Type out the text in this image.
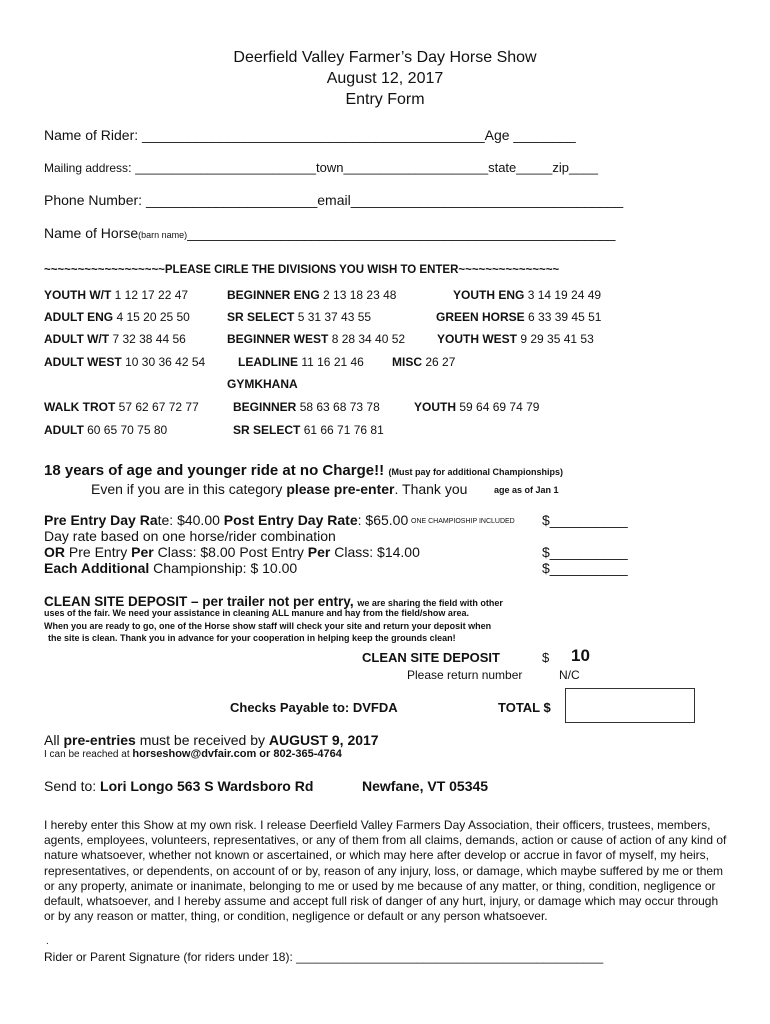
Deerfield Valley Farmer’s Day Horse Show
August 12, 2017
Entry Form
Name of Rider: ____________________________________________Age ________
Mailing address: _________________________town____________________state_____zip____
Phone Number: ______________________email___________________________________
Name of Horse(barn name)_______________________________________________________
~~~~~~~~~~~~~~~~~~PLEASE CIRLE THE DIVISIONS YOU WISH TO ENTER~~~~~~~~~~~~~~~
YOUTH W/T 1 12 17 22 47	BEGINNER ENG 2 13 18 23 48	YOUTH ENG 3 14 19 24 49
ADULT ENG 4 15 20 25 50	SR SELECT 5 31 37 43 55	GREEN HORSE 6 33 39 45 51
ADULT W/T 7 32 38 44 56	BEGINNER WEST 8 28 34 40 52	YOUTH WEST 9 29 35 41 53
ADULT WEST 10 30 36 42 54	LEADLINE 11 16 21 46 MISC 26 27
GYMKHANA
WALK TROT 57 62 67 72 77	BEGINNER 58 63 68 73 78	YOUTH 59 64 69 74 79
ADULT 60 65 70 75 80	SR SELECT 61 66 71 76 81
18 years of age and younger ride at no Charge!! (Must pay for additional Championships)
Even if you are in this category please pre-enter. Thank you	age as of Jan 1
Pre Entry Day Rate: $40.00 Post Entry Day Rate: $65.00 ONE CHAMPIOSHIP INCLUDED $__________
Day rate based on one horse/rider combination
OR Pre Entry Per Class: $8.00 Post Entry Per Class: $14.00	$__________
Each Additional Championship: $ 10.00	$__________
CLEAN SITE DEPOSIT – per trailer not per entry, we are sharing the field with other
uses of the fair. We need your assistance in cleaning ALL manure and hay from the field/show area.
When you are ready to go, one of the Horse show staff will check your site and return your deposit when
the site is clean. Thank you in advance for your cooperation in helping keep the grounds clean!
CLEAN SITE DEPOSIT	$ 10
Please return number	N/C
Checks Payable to: DVFDA	TOTAL $
All pre-entries must be received by AUGUST 9, 2017
I can be reached at horseshow@dvfair.com or 802-365-4764
Send to: Lori Longo 563 S Wardsboro Rd	Newfane, VT 05345
I hereby enter this Show at my own risk. I release Deerfield Valley Farmers Day Association, their officers, trustees, members, agents, employees, volunteers, representatives, or any of them from all claims, demands, action or cause of action of any kind of nature whatsoever, whether not known or ascertained, or which may here after develop or accrue in favor of myself, my heirs, representatives, or dependents, on account of or by, reason of any injury, loss, or damage, which maybe suffered by me or them or any property, animate or inanimate, belonging to me or used by me because of any matter, or thing, condition, negligence or default, whatsoever, and I hereby assume and accept full risk of danger of any hurt, injury, or damage which may occur through or by any reason or matter, thing, or condition, negligence or default or any person whatsoever.
.
Rider or Parent Signature (for riders under 18): ______________________________________________
